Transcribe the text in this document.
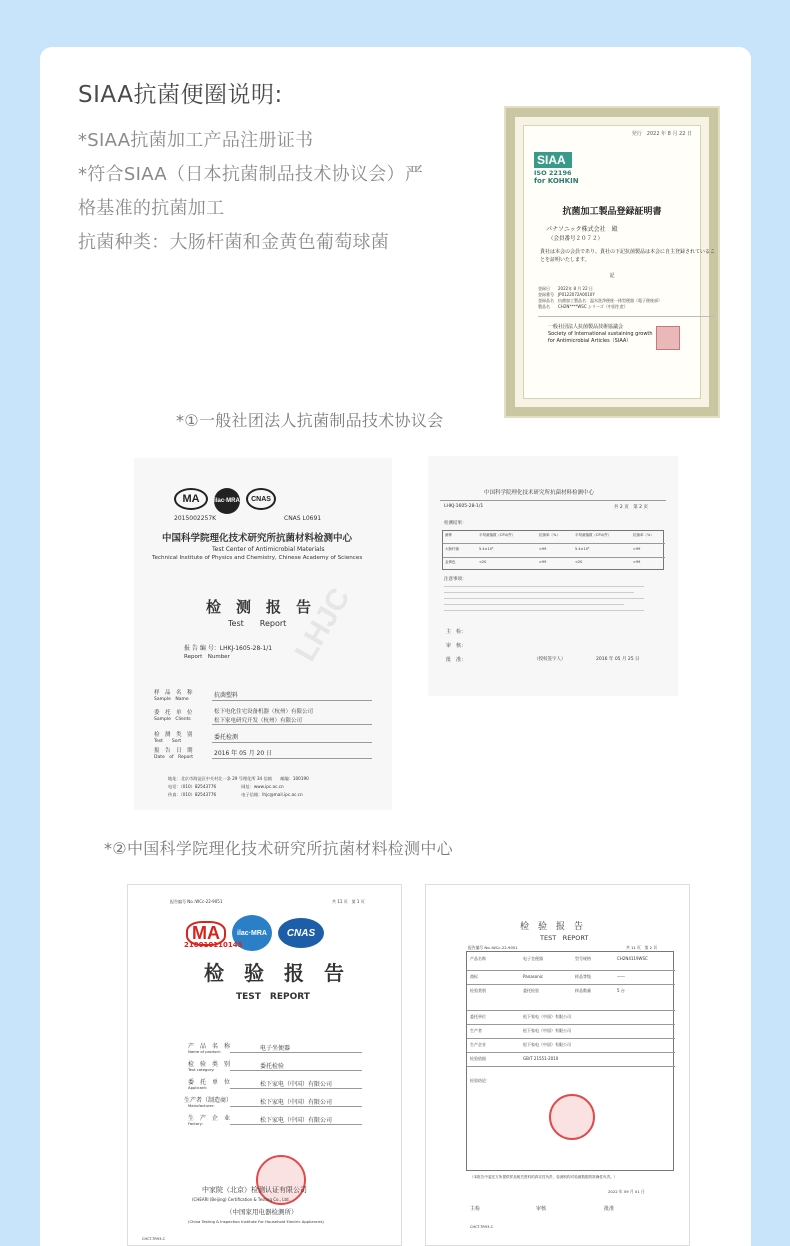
SIAA抗菌便圈说明:

*SIAA抗菌加工产品注册证书

*符合SIAA（日本抗菌制品技术协议会）严

格基准的抗菌加工

抗菌种类：大肠杆菌和金黄色葡萄球菌

発行　2022 年 8 月 22 日
SIAA
ISO 22196
for KOHKIN
抗菌加工製品登録証明書
パナソニック株式会社　殿
（会員番号２０７２）
貴社は本会の会員であり、貴社の下記抗菌製品は本会に自主登録されていることを証明いたします。
記
登録日　　2022年 8 月 22 日
登録番号　JP0122072A0010Y
登録品名　抗菌加工製品名：温水洗浄便座一体型便器（電子便座部）
製品名　　CH2N****WSC シリーズ（中国生産）
一般社団法人抗菌製品技術協議会
Society of International sustaining growth
for Antimicrobial Articles（SIAA）
*①一般社团法人抗菌制品技术协议会
LHJC
MA	ilac·MRA	CNAS
2015002257K	CNAS L0691
中国科学院理化技术研究所抗菌材料检测中心
Test Center of Antimicrobial Materials
Technical Institute of Physics and Chemistry, Chinese Academy of Sciences
检　测　报　告
Test　　Report
报 告 编 号：LHKJ-1605-28-1/1
Report　Number
样　品　名　称
Sample　Name
抗菌塑料
委　托　单　位
Sample　Clients
松下电化住宅设备机器（杭州）有限公司
松下家电研究开发（杭州）有限公司
检　测　类　别
Test　　Sort
委托检测
报　告　日　期
Date　of　Report
2016 年 05 月 20 日
地址：北京市海淀区中关村北一条 29 号理化所 34 信箱　　邮编：100190
电话：（010）82543776　　　　　　网址：www.ipc.ac.cn
传真：（010）82543776　　　　　　电子信箱：lhjc@mail.ipc.ac.cn
中国科学院理化技术研究所抗菌材料检测中心
LHKJ-1605-28-1/1	共 2 页　第 2 页
检测结果：
菌种	平均菌落数（CFU/件）	抗菌率（%）	平均菌落数（CFU/件）	抗菌率（%）
大肠杆菌	5.4×10⁵	>99	5.4×10⁵	>99
金黄色	<20	>99	<20	>99
注意事项：
主　检：
审　核：
批　准：	（授权签字人）	2016 年 05 月 25 日
*②中国科学院理化技术研究所抗菌材料检测中心
报告编号 No.:WCc-22-9051	共 11 页　第 1 页
MA	ilac·MRA	CNAS
210010110145
检　验　报　告
TEST　REPORT
产　品　名　称
Name of product:	电子坐便器
检　验　类　别
Test category:	委托检验
委　托　单　位
Applicant:	松下家电（中国）有限公司
生产者（制造商）
Manufacturer:	松下家电（中国）有限公司
生　产　企　业
Factory:	松下家电（中国）有限公司
中家院（北京）检测认证有限公司
(CHEARI (Beijing) Certification & Testing Co., Ltd.
（中国家用电器检测所）
(China Testing & Inspection Institute For Household Electric Appliances)
CHCT-TR93-C
检　验　报　告
TEST　REPORT
报告编号 No.:WCc-22-9051	共 11 页　第 2 页
产品名称	电子坐便器	型号规格	CH2N4119WSC
商标	Panasonic	样品等级	——
检验类别	委托检验	样品数量	5 台
委托单位	松下家电（中国）有限公司
生产者	松下家电（中国）有限公司
生产企业	松下家电（中国）有限公司
检验依据	GB/T 21551-2010
检验结论：
（本报告中委托方所提供样品相关资料的真实性负责，检测机构对检测数据的准确性负责。）
2022 年 09 月 01 日
主检	审核	批准
CHCT-TR93-C
